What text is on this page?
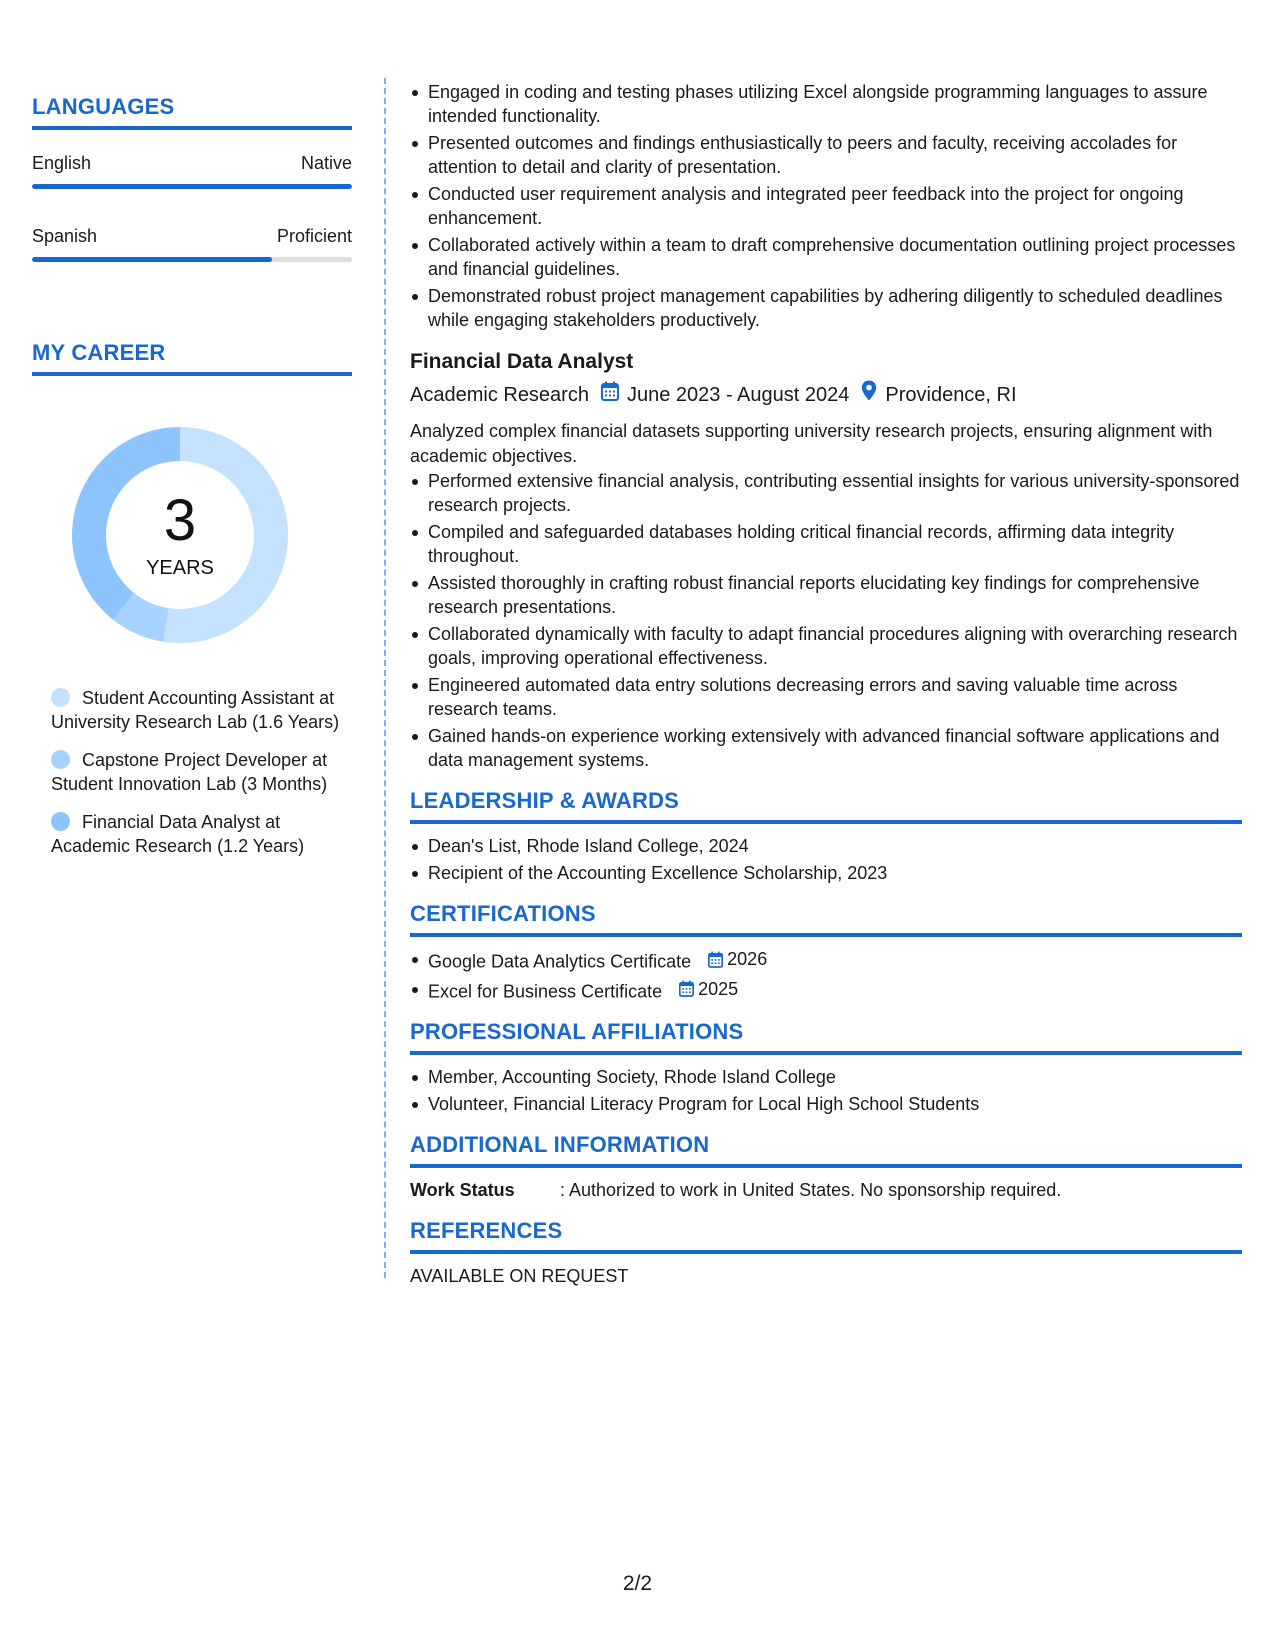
LANGUAGES
English	Native
Spanish	Proficient
MY CAREER
3
YEARS
Student Accounting Assistant at University Research Lab (1.6 Years)
Capstone Project Developer at Student Innovation Lab (3 Months)
Financial Data Analyst at Academic Research (1.2 Years)
Engaged in coding and testing phases utilizing Excel alongside programming languages to assure intended functionality.
Presented outcomes and findings enthusiastically to peers and faculty, receiving accolades for attention to detail and clarity of presentation.
Conducted user requirement analysis and integrated peer feedback into the project for ongoing enhancement.
Collaborated actively within a team to draft comprehensive documentation outlining project processes and financial guidelines.
Demonstrated robust project management capabilities by adhering diligently to scheduled deadlines while engaging stakeholders productively.
Financial Data Analyst
Academic Research June 2023 - August 2024 Providence, RI
Analyzed complex financial datasets supporting university research projects, ensuring alignment with academic objectives.
Performed extensive financial analysis, contributing essential insights for various university-sponsored research projects.
Compiled and safeguarded databases holding critical financial records, affirming data integrity throughout.
Assisted thoroughly in crafting robust financial reports elucidating key findings for comprehensive research presentations.
Collaborated dynamically with faculty to adapt financial procedures aligning with overarching research goals, improving operational effectiveness.
Engineered automated data entry solutions decreasing errors and saving valuable time across research teams.
Gained hands-on experience working extensively with advanced financial software applications and data management systems.
LEADERSHIP & AWARDS
Dean's List, Rhode Island College, 2024
Recipient of the Accounting Excellence Scholarship, 2023
CERTIFICATIONS
Google Data Analytics Certificate 2026
Excel for Business Certificate 2025
PROFESSIONAL AFFILIATIONS
Member, Accounting Society, Rhode Island College
Volunteer, Financial Literacy Program for Local High School Students
ADDITIONAL INFORMATION
Work Status	: Authorized to work in United States. No sponsorship required.
REFERENCES
AVAILABLE ON REQUEST
2/2
